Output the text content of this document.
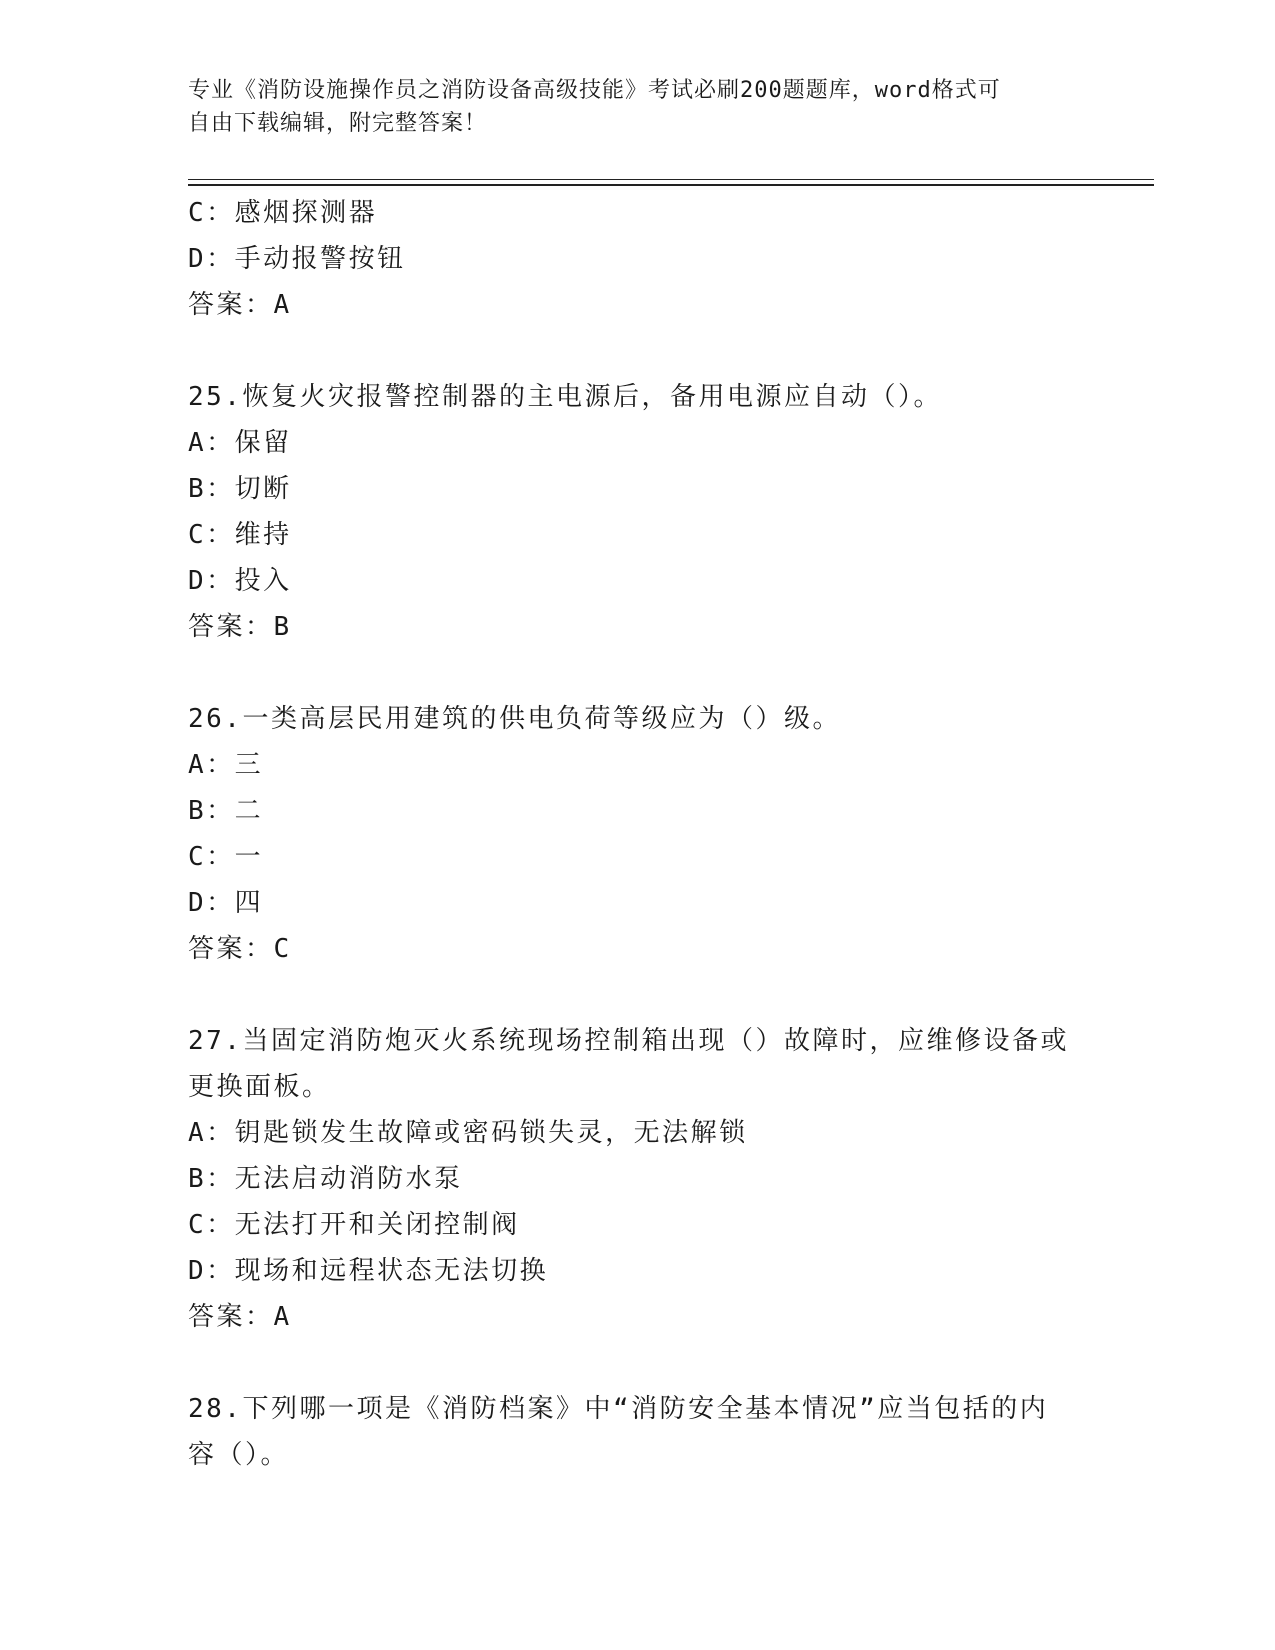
专业《消防设施操作员之消防设备高级技能》考试必刷200题题库，word格式可
自由下载编辑，附完整答案！
C：感烟探测器
D：手动报警按钮
答案：A
25.恢复火灾报警控制器的主电源后，备用电源应自动（）。
A：保留
B：切断
C：维持
D：投入
答案：B
26.一类高层民用建筑的供电负荷等级应为（）级。
A：三
B：二
C：一
D：四
答案：C
27.当固定消防炮灭火系统现场控制箱出现（）故障时，应维修设备或
更换面板。
A：钥匙锁发生故障或密码锁失灵，无法解锁
B：无法启动消防水泵
C：无法打开和关闭控制阀
D：现场和远程状态无法切换
答案：A
28.下列哪一项是《消防档案》中“消防安全基本情况”应当包括的内
容（）。
